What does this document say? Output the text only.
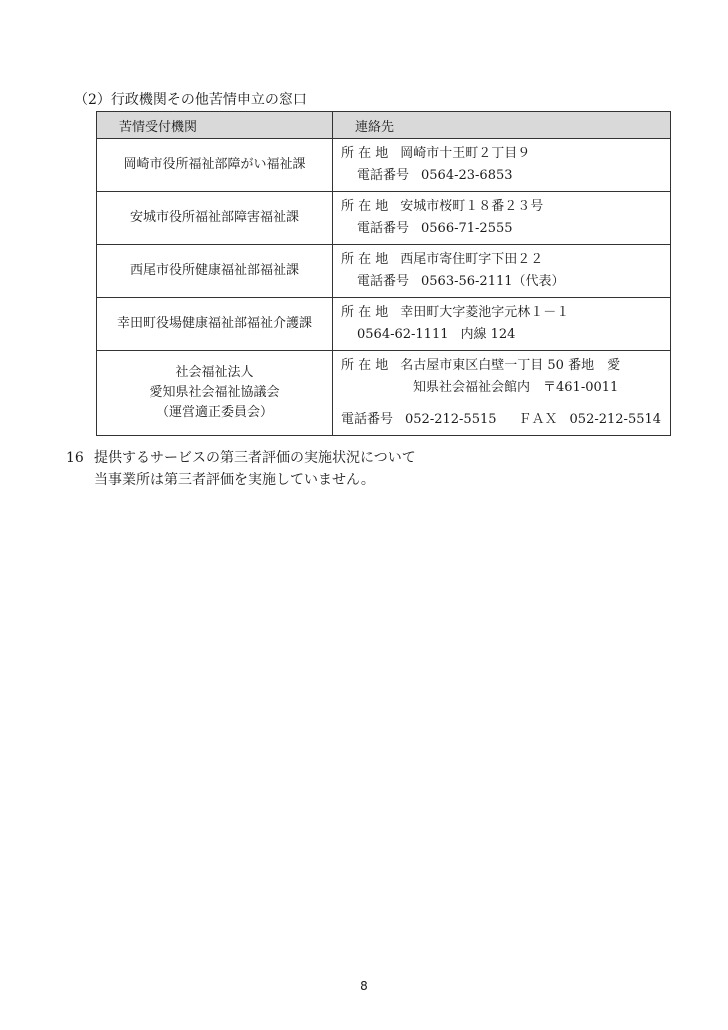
（2）行政機関その他苦情申立の窓口
苦情受付機関	連絡先
岡崎市役所福祉部障がい福祉課	所 在 地 岡崎市十王町２丁目９
電話番号 0564-23-6853

安城市役所福祉部障害福祉課	所 在 地 安城市桜町１８番２３号
電話番号 0566-71-2555

西尾市役所健康福祉部福祉課	所 在 地 西尾市寄住町字下田２２
電話番号 0563-56-2111（代表）

幸田町役場健康福祉部福祉介護課	所 在 地 幸田町大字菱池字元林１－１
0564-62-1111 内線 124

社会福祉法人
愛知県社会福祉協議会
（運営適正委員会）	所 在 地 名古屋市東区白壁一丁目 50 番地　愛
知県社会福祉会館内　〒461-0011
電話番号 052-212-5515 ＦＡＸ 052-212-5514
16 提供するサービスの第三者評価の実施状況について
当事業所は第三者評価を実施していません。
8
